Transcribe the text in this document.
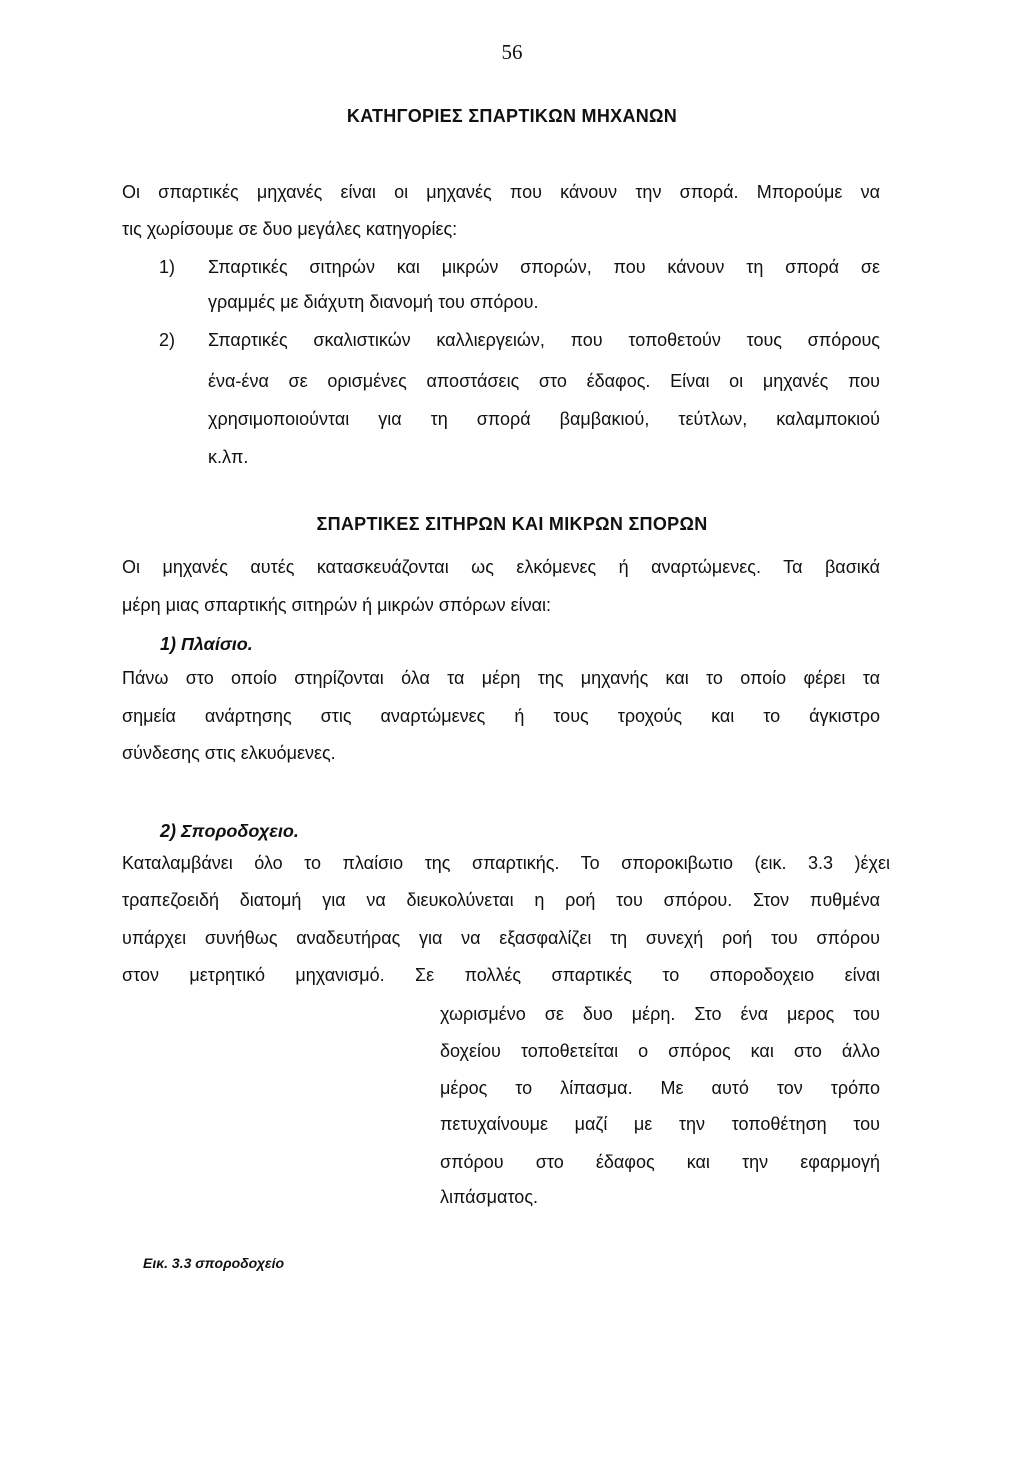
56
ΚΑΤΗΓΟΡΙΕΣ ΣΠΑΡΤΙΚΩΝ ΜΗΧΑΝΩΝ
Οι σπαρτικές μηχανές είναι οι μηχανές που κάνουν την σπορά. Μπορούμε να
τις χωρίσουμε σε δυο μεγάλες κατηγορίες:
1) Σπαρτικές σιτηρών και μικρών σπορών, που κάνουν τη σπορά σε
γραμμές με διάχυτη διανομή του σπόρου.
2) Σπαρτικές σκαλιστικών καλλιεργειών, που τοποθετούν τους σπόρους
ένα-ένα σε ορισμένες αποστάσεις στο έδαφος. Είναι οι μηχανές που
χρησιμοποιούνται για τη σπορά βαμβακιού, τεύτλων, καλαμποκιού
κ.λπ.
ΣΠΑΡΤΙΚΕΣ ΣΙΤΗΡΩΝ ΚΑΙ ΜΙΚΡΩΝ ΣΠΟΡΩΝ
Οι μηχανές αυτές κατασκευάζονται ως ελκόμενες ή αναρτώμενες. Τα βασικά
μέρη μιας σπαρτικής σιτηρών ή μικρών σπόρων είναι:
1) Πλαίσιο.
Πάνω στο οποίο στηρίζονται όλα τα μέρη της μηχανής και το οποίο φέρει τα
σημεία ανάρτησης στις αναρτώμενες ή τους τροχούς και το άγκιστρο
σύνδεσης στις ελκυόμενες.
2) Σποροδοχειο.
Καταλαμβάνει όλο το πλαίσιο της σπαρτικής. Το σποροκιβωτιο (εικ. 3.3 )έχει
τραπεζοειδή διατομή για να διευκολύνεται η ροή του σπόρου. Στον πυθμένα
υπάρχει συνήθως αναδευτήρας για να εξασφαλίζει τη συνεχή ροή του σπόρου
στον μετρητικό μηχανισμό. Σε πολλές σπαρτικές το σποροδοχειο είναι
χωρισμένο σε δυο μέρη. Στο ένα μερος του
δοχείου τοποθετείται ο σπόρος και στο άλλο
μέρος το λίπασμα. Με αυτό τον τρόπο
πετυχαίνουμε μαζί με την τοποθέτηση του
σπόρου στο έδαφος και την εφαρμογή
λιπάσματος.
Εικ. 3.3 σποροδοχείο
